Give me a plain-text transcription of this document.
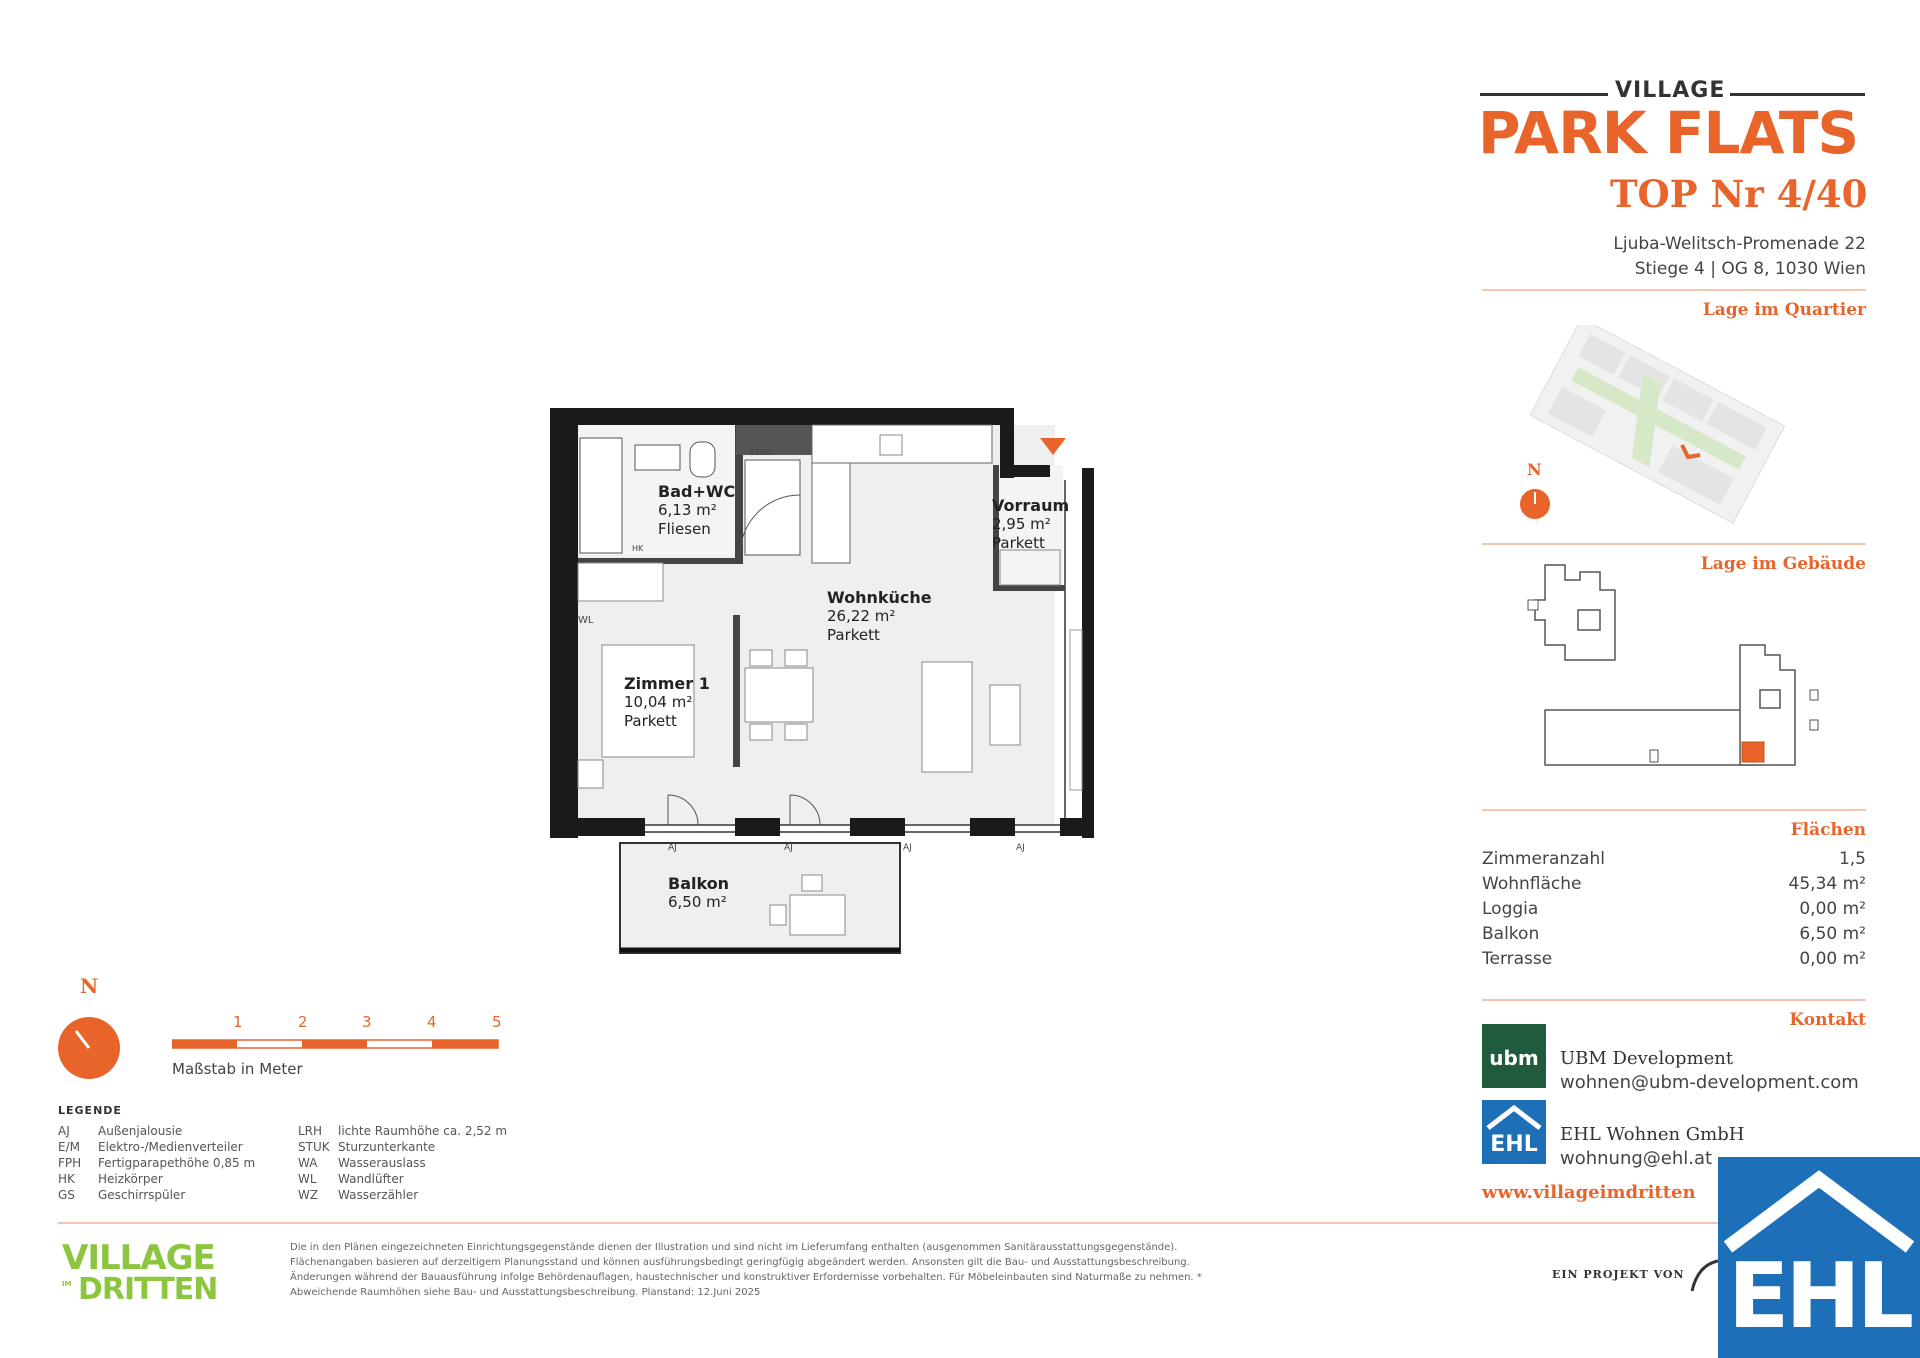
VILLAGE
PARK FLATS
TOP Nr 4/40
Ljuba-Welitsch-Promenade 22
Stiege 4 | OG 8, 1030 Wien
Lage im Quartier
N
Lage im Gebäude
Flächen
Zimmeranzahl	1,5
Wohnfläche	45,34 m²
Loggia	0,00 m²
Balkon	6,50 m²
Terrasse	0,00 m²
Kontakt
ubm	UBM Development
wohnen@ubm-development.com
EHL	EHL Wohnen GmbH
wohnung@ehl.at
www.villageimdritten
EIN PROJEKT VON EHL
Bad+WC
6,13 m²
Fliesen
Vorraum
2,95 m²
Parkett
Wohnküche
26,22 m²
Parkett
Zimmer 1
10,04 m²
Parkett
Balkon
6,50 m²
AJ	AJ	AJ	AJ
WL
HK
STUK
N
1	2	3	4	5
Maßstab in Meter
LEGENDE
AJ	Außenjalousie
E/M	Elektro-/Medienverteiler
FPH	Fertigparapethöhe 0,85 m
HK	Heizkörper
GS	Geschirrspüler
LRH	lichte Raumhöhe ca. 2,52 m
STUK Sturzunterkante
WA	Wasserauslass
WL	Wandlüfter
WZ	Wasserzähler
VILLAGE
IM DRITTEN
Die in den Plänen eingezeichneten Einrichtungsgegenstände dienen der Illustration und sind nicht im Lieferumfang enthalten (ausgenommen Sanitärausstattungsgegenstände). Flächenangaben basieren auf derzeitigem Planungsstand und können ausführungsbedingt geringfügig abgeändert werden. Ansonsten gilt die Bau- und Ausstattungsbeschreibung. Änderungen während der Bauausführung infolge Behördenauflagen, haustechnischer und konstruktiver Erfordernisse vorbehalten. Für Möbeleinbauten sind Naturmaße zu nehmen. * Abweichende Raumhöhen siehe Bau- und Ausstattungsbeschreibung. Planstand: 12.Juni 2025
